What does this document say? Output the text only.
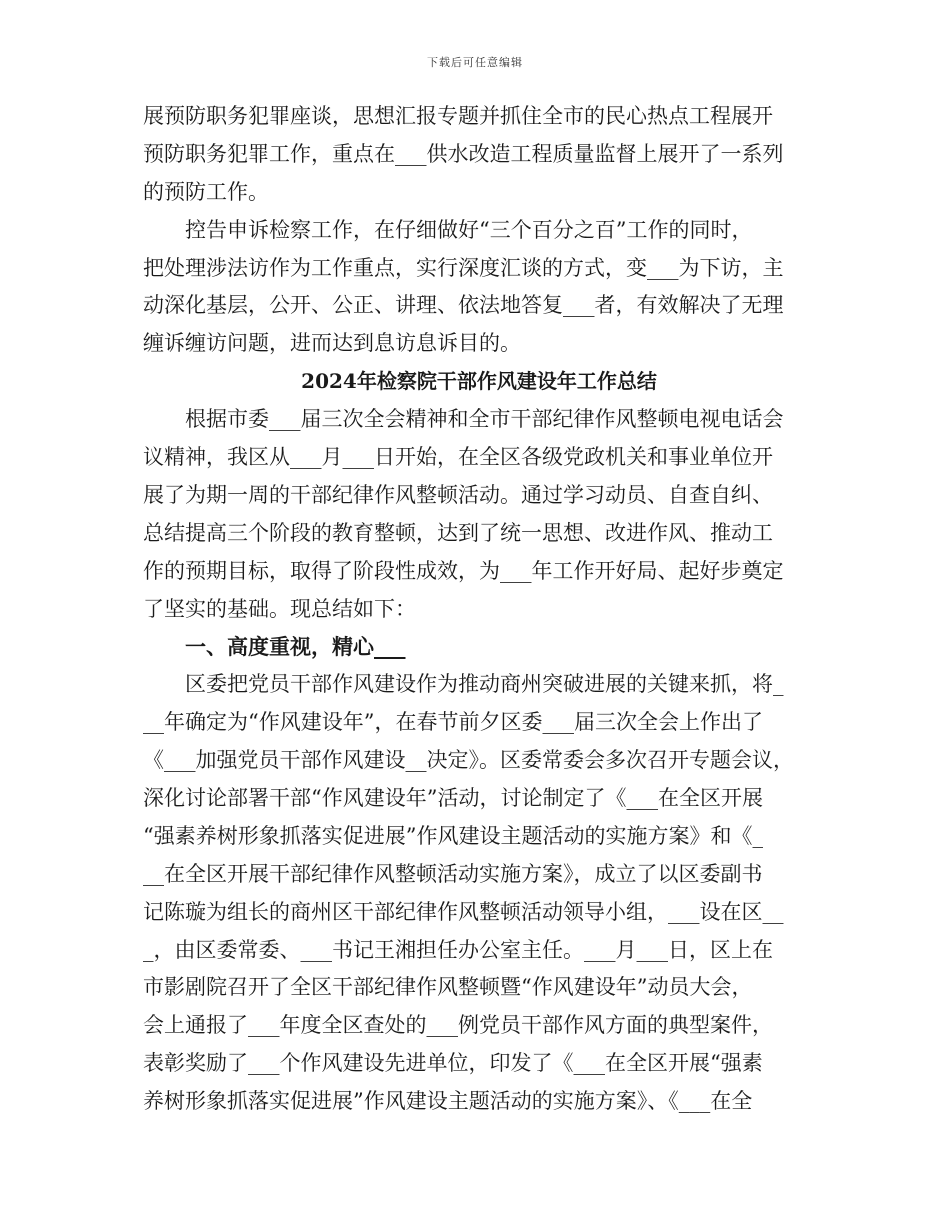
下载后可任意编辑
展预防职务犯罪座谈，思想汇报专题并抓住全市的民心热点工程展开
预防职务犯罪工作，重点在___供水改造工程质量监督上展开了一系列
的预防工作。
　　控告申诉检察工作，在仔细做好“三个百分之百”工作的同时，
把处理涉法访作为工作重点，实行深度汇谈的方式，变___为下访，主
动深化基层，公开、公正、讲理、依法地答复___者，有效解决了无理
缠诉缠访问题，进而达到息访息诉目的。
2024年检察院干部作风建设年工作总结
　　根据市委___届三次全会精神和全市干部纪律作风整顿电视电话会
议精神，我区从___月___日开始，在全区各级党政机关和事业单位开
展了为期一周的干部纪律作风整顿活动。通过学习动员、自查自纠、
总结提高三个阶段的教育整顿，达到了统一思想、改进作风、推动工
作的预期目标，取得了阶段性成效，为___年工作开好局、起好步奠定
了坚实的基础。现总结如下：
　　一、高度重视，精心___
　　区委把党员干部作风建设作为推动商州突破进展的关键来抓，将_
__年确定为“作风建设年”，在春节前夕区委___届三次全会上作出了
《___加强党员干部作风建设__决定》。区委常委会多次召开专题会议，
深化讨论部署干部“作风建设年”活动，讨论制定了《___在全区开展
“强素养树形象抓落实促进展”作风建设主题活动的实施方案》和《_
__在全区开展干部纪律作风整顿活动实施方案》，成立了以区委副书
记陈璇为组长的商州区干部纪律作风整顿活动领导小组，___设在区__
_，由区委常委、___书记王湘担任办公室主任。___月___日，区上在
市影剧院召开了全区干部纪律作风整顿暨“作风建设年”动员大会，
会上通报了___年度全区查处的___例党员干部作风方面的典型案件，
表彰奖励了___个作风建设先进单位，印发了《___在全区开展“强素
养树形象抓落实促进展”作风建设主题活动的实施方案》、《___在全
